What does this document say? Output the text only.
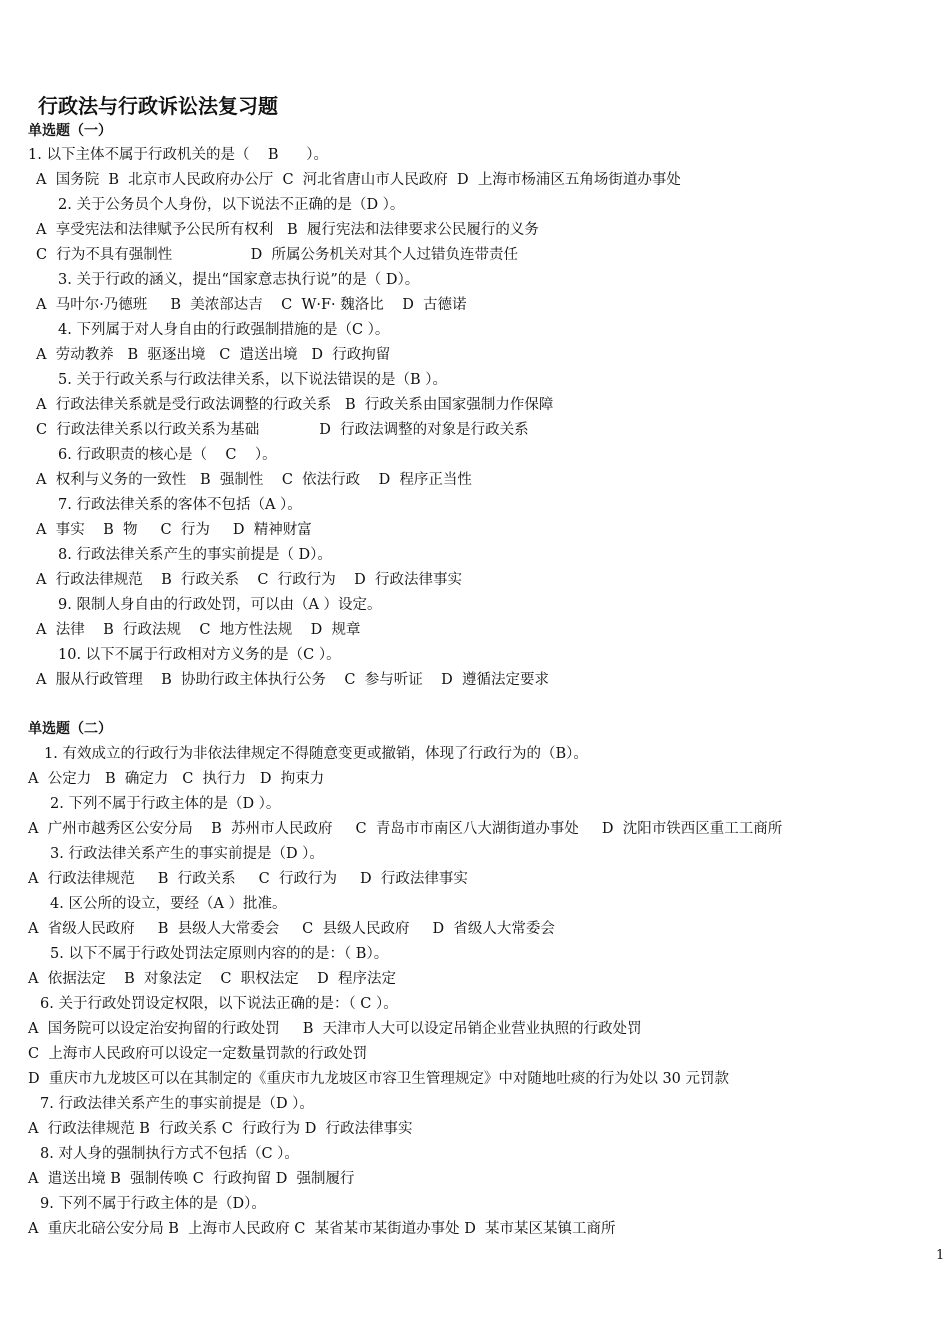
行政法与行政诉讼法复习题
单选题（一）
1. 以下主体不属于行政机关的是（    B      ）。
A  国务院  B  北京市人民政府办公厅  C  河北省唐山市人民政府  D  上海市杨浦区五角场街道办事处
2. 关于公务员个人身份，以下说法不正确的是（D ）。
A  享受宪法和法律赋予公民所有权利   B  履行宪法和法律要求公民履行的义务
C  行为不具有强制性                 D  所属公务机关对其个人过错负连带责任
3. 关于行政的涵义，提出“国家意志执行说”的是（ D）。
A  马叶尔·乃德班     B  美浓部达吉    C  W·F· 魏洛比    D  古德诺
4. 下列属于对人身自由的行政强制措施的是（C ）。
A  劳动教养   B  驱逐出境   C  遣送出境   D  行政拘留
5. 关于行政关系与行政法律关系，以下说法错误的是（B ）。
A  行政法律关系就是受行政法调整的行政关系   B  行政关系由国家强制力作保障
C  行政法律关系以行政关系为基础             D  行政法调整的对象是行政关系
6. 行政职责的核心是（    C    ）。
A  权利与义务的一致性   B  强制性    C  依法行政    D  程序正当性
7. 行政法律关系的客体不包括（A ）。
A  事实    B  物     C  行为     D  精神财富
8. 行政法律关系产生的事实前提是（ D）。
A  行政法律规范    B  行政关系    C  行政行为    D  行政法律事实
9. 限制人身自由的行政处罚，可以由（A ）设定。
A  法律    B  行政法规    C  地方性法规    D  规章
10. 以下不属于行政相对方义务的是（C ）。
A  服从行政管理    B  协助行政主体执行公务    C  参与听证    D  遵循法定要求
单选题（二）
1. 有效成立的行政行为非依法律规定不得随意变更或撤销，体现了行政行为的（B）。
A  公定力   B  确定力   C  执行力   D  拘束力
2. 下列不属于行政主体的是（D ）。
A  广州市越秀区公安分局    B  苏州市人民政府     C  青岛市市南区八大湖街道办事处     D  沈阳市铁西区重工工商所
3. 行政法律关系产生的事实前提是（D ）。
A  行政法律规范     B  行政关系     C  行政行为     D  行政法律事实
4. 区公所的设立，要经（A ）批准。
A  省级人民政府     B  县级人大常委会     C  县级人民政府     D  省级人大常委会
5. 以下不属于行政处罚法定原则内容的的是：（ B）。
A  依据法定    B  对象法定    C  职权法定    D  程序法定
6. 关于行政处罚设定权限，以下说法正确的是：（ C ）。
A  国务院可以设定治安拘留的行政处罚     B  天津市人大可以设定吊销企业营业执照的行政处罚
C  上海市人民政府可以设定一定数量罚款的行政处罚
D  重庆市九龙坡区可以在其制定的《重庆市九龙坡区市容卫生管理规定》中对随地吐痰的行为处以 30 元罚款
7. 行政法律关系产生的事实前提是（D ）。
A  行政法律规范 B  行政关系 C  行政行为 D  行政法律事实
8. 对人身的强制执行方式不包括（C ）。
A  遣送出境 B  强制传唤 C  行政拘留 D  强制履行
9. 下列不属于行政主体的是（D）。
A  重庆北碚公安分局 B  上海市人民政府 C  某省某市某街道办事处 D  某市某区某镇工商所
1
